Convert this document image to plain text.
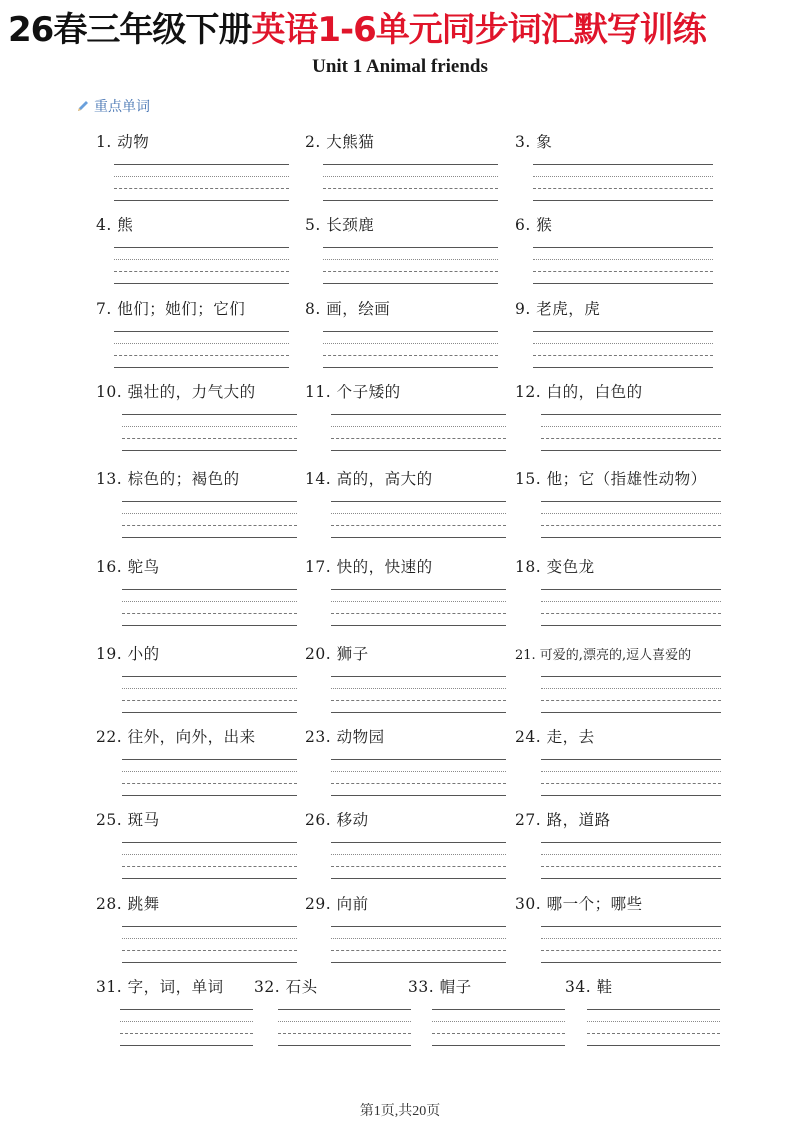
26春三年级下册英语1-6单元同步词汇默写训练
Unit 1 Animal friends
重点单词
1. 动物	2. 大熊猫	3. 象
4. 熊	5. 长颈鹿	6. 猴
7. 他们；她们；它们	8. 画，绘画	9. 老虎，虎
10. 强壮的，力气大的	11. 个子矮的	12. 白的，白色的
13. 棕色的；褐色的	14. 高的，高大的	15. 他；它（指雄性动物）
16. 鸵鸟	17. 快的，快速的	18. 变色龙
19. 小的	20. 狮子	21. 可爱的,漂亮的,逗人喜爱的
22. 往外，向外，出来	23. 动物园	24. 走，去
25. 斑马	26. 移动	27. 路，道路
28. 跳舞	29. 向前	30. 哪一个；哪些
31. 字，词，单词 32. 石头	33. 帽子	34. 鞋
第1页,共20页
